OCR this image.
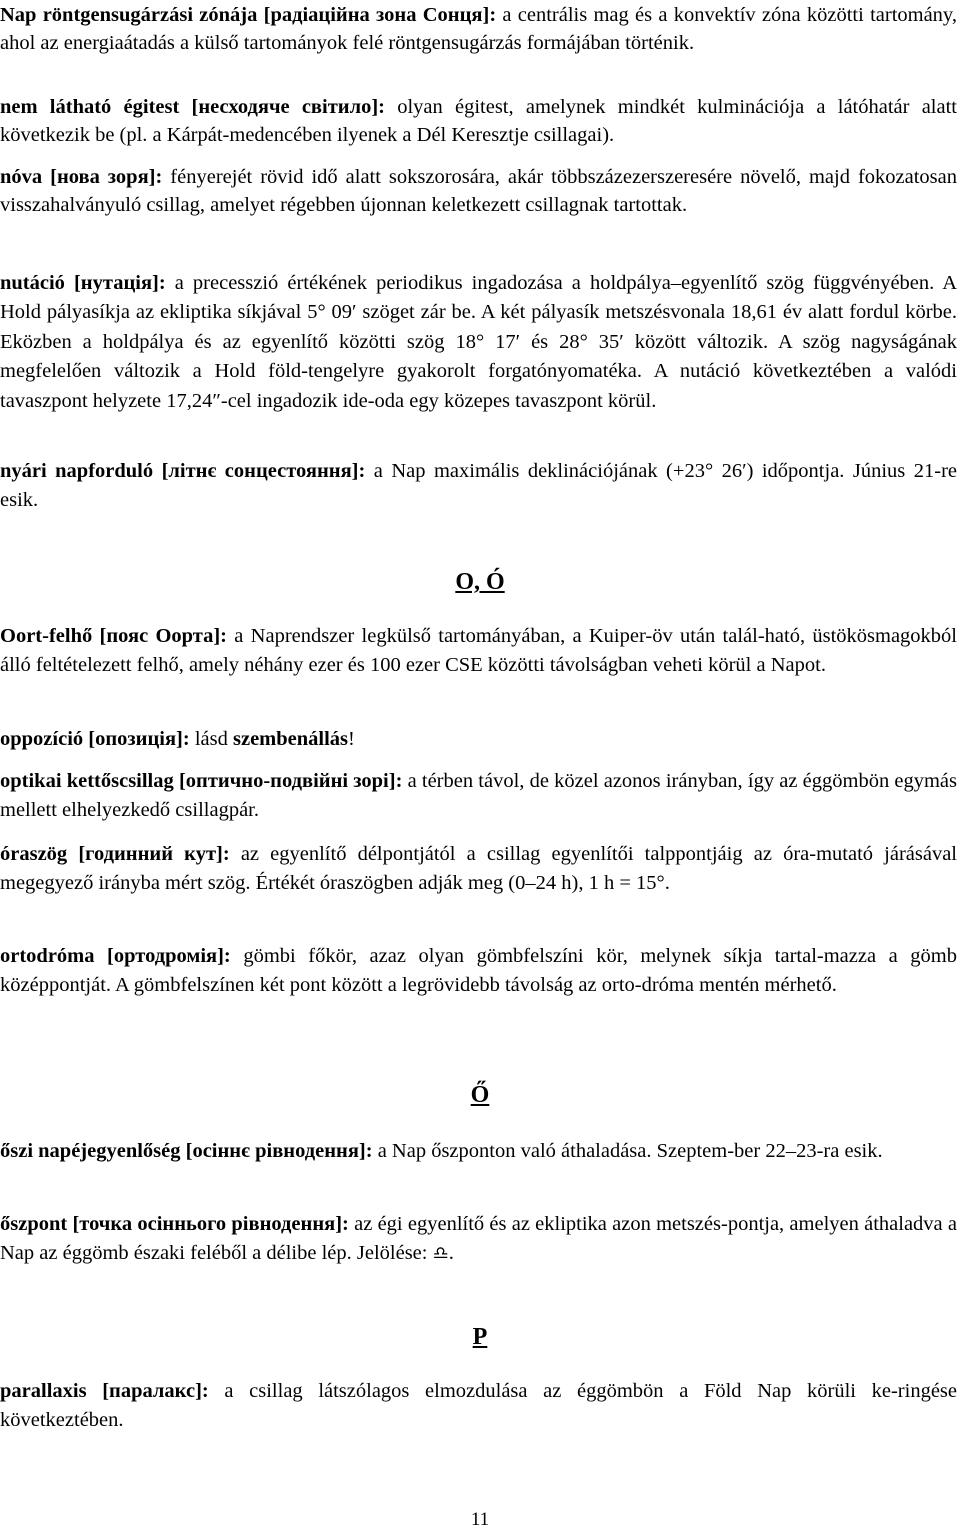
Nap röntgensugárzási zónája [радіаційна зона Сонця]: a centrális mag és a konvektív zóna közötti tartomány, ahol az energiaátadás a külső tartományok felé röntgensugárzás formájában történik.

nem látható égitest [несходяче світило]: olyan égitest, amelynek mindkét kulminációja a látóhatár alatt következik be (pl. a Kárpát-medencében ilyenek a Dél Keresztje csillagai).

nóva [нова зоря]: fényerejét rövid idő alatt sokszorosára, akár többszázezerszeresére növelő, majd fokozatosan visszahalványuló csillag, amelyet régebben újonnan keletkezett csillagnak tartottak.

nutáció [нутація]: a precesszió értékének periodikus ingadozása a holdpálya–egyenlítő szög függvényében. A Hold pályasíkja az ekliptika síkjával 5° 09′ szöget zár be. A két pályasík metszésvonala 18,61 év alatt fordul körbe. Eközben a holdpálya és az egyenlítő közötti szög 18° 17′ és 28° 35′ között változik. A szög nagyságának megfelelően változik a Hold föld-tengelyre gyakorolt forgatónyomatéka. A nutáció következtében a valódi tavaszpont helyzete 17,24″-cel ingadozik ide-oda egy közepes tavaszpont körül.

nyári napforduló [літнє сонцестояння]: a Nap maximális deklinációjának (+23° 26′) időpontja. Június 21-re esik.

O, Ó

Oort-felhő [пояс Оорта]: a Naprendszer legkülső tartományában, a Kuiper-öv után talál-ható, üstökösmagokból álló feltételezett felhő, amely néhány ezer és 100 ezer CSE közötti távolságban veheti körül a Napot.

oppozíció [опозиція]: lásd szembenállás!

optikai kettőscsillag [оптично-подвійні зорі]: a térben távol, de közel azonos irányban, így az éggömbön egymás mellett elhelyezkedő csillagpár.

óraszög [годинний кут]: az egyenlítő délpontjától a csillag egyenlítői talppontjáig az óra-mutató járásával megegyező irányba mért szög. Értékét óraszögben adják meg (0–24 h), 1 h = 15°.

ortodróma [ортодромія]: gömbi főkör, azaz olyan gömbfelszíni kör, melynek síkja tartal-mazza a gömb középpontját. A gömbfelszínen két pont között a legrövidebb távolság az orto-dróma mentén mérhető.

Ő

őszi napéjegyenlőség [осіннє рівнодення]: a Nap őszponton való áthaladása. Szeptem-ber 22–23-ra esik.

őszpont [точка осіннього рівнодення]: az égi egyenlítő és az ekliptika azon metszés-pontja, amelyen áthaladva a Nap az éggömb északi feléből a délibe lép. Jelölése: ♎.

P

parallaxis [паралакс]: a csillag látszólagos elmozdulása az éggömbön a Föld Nap körüli ke-ringése következtében.

11
